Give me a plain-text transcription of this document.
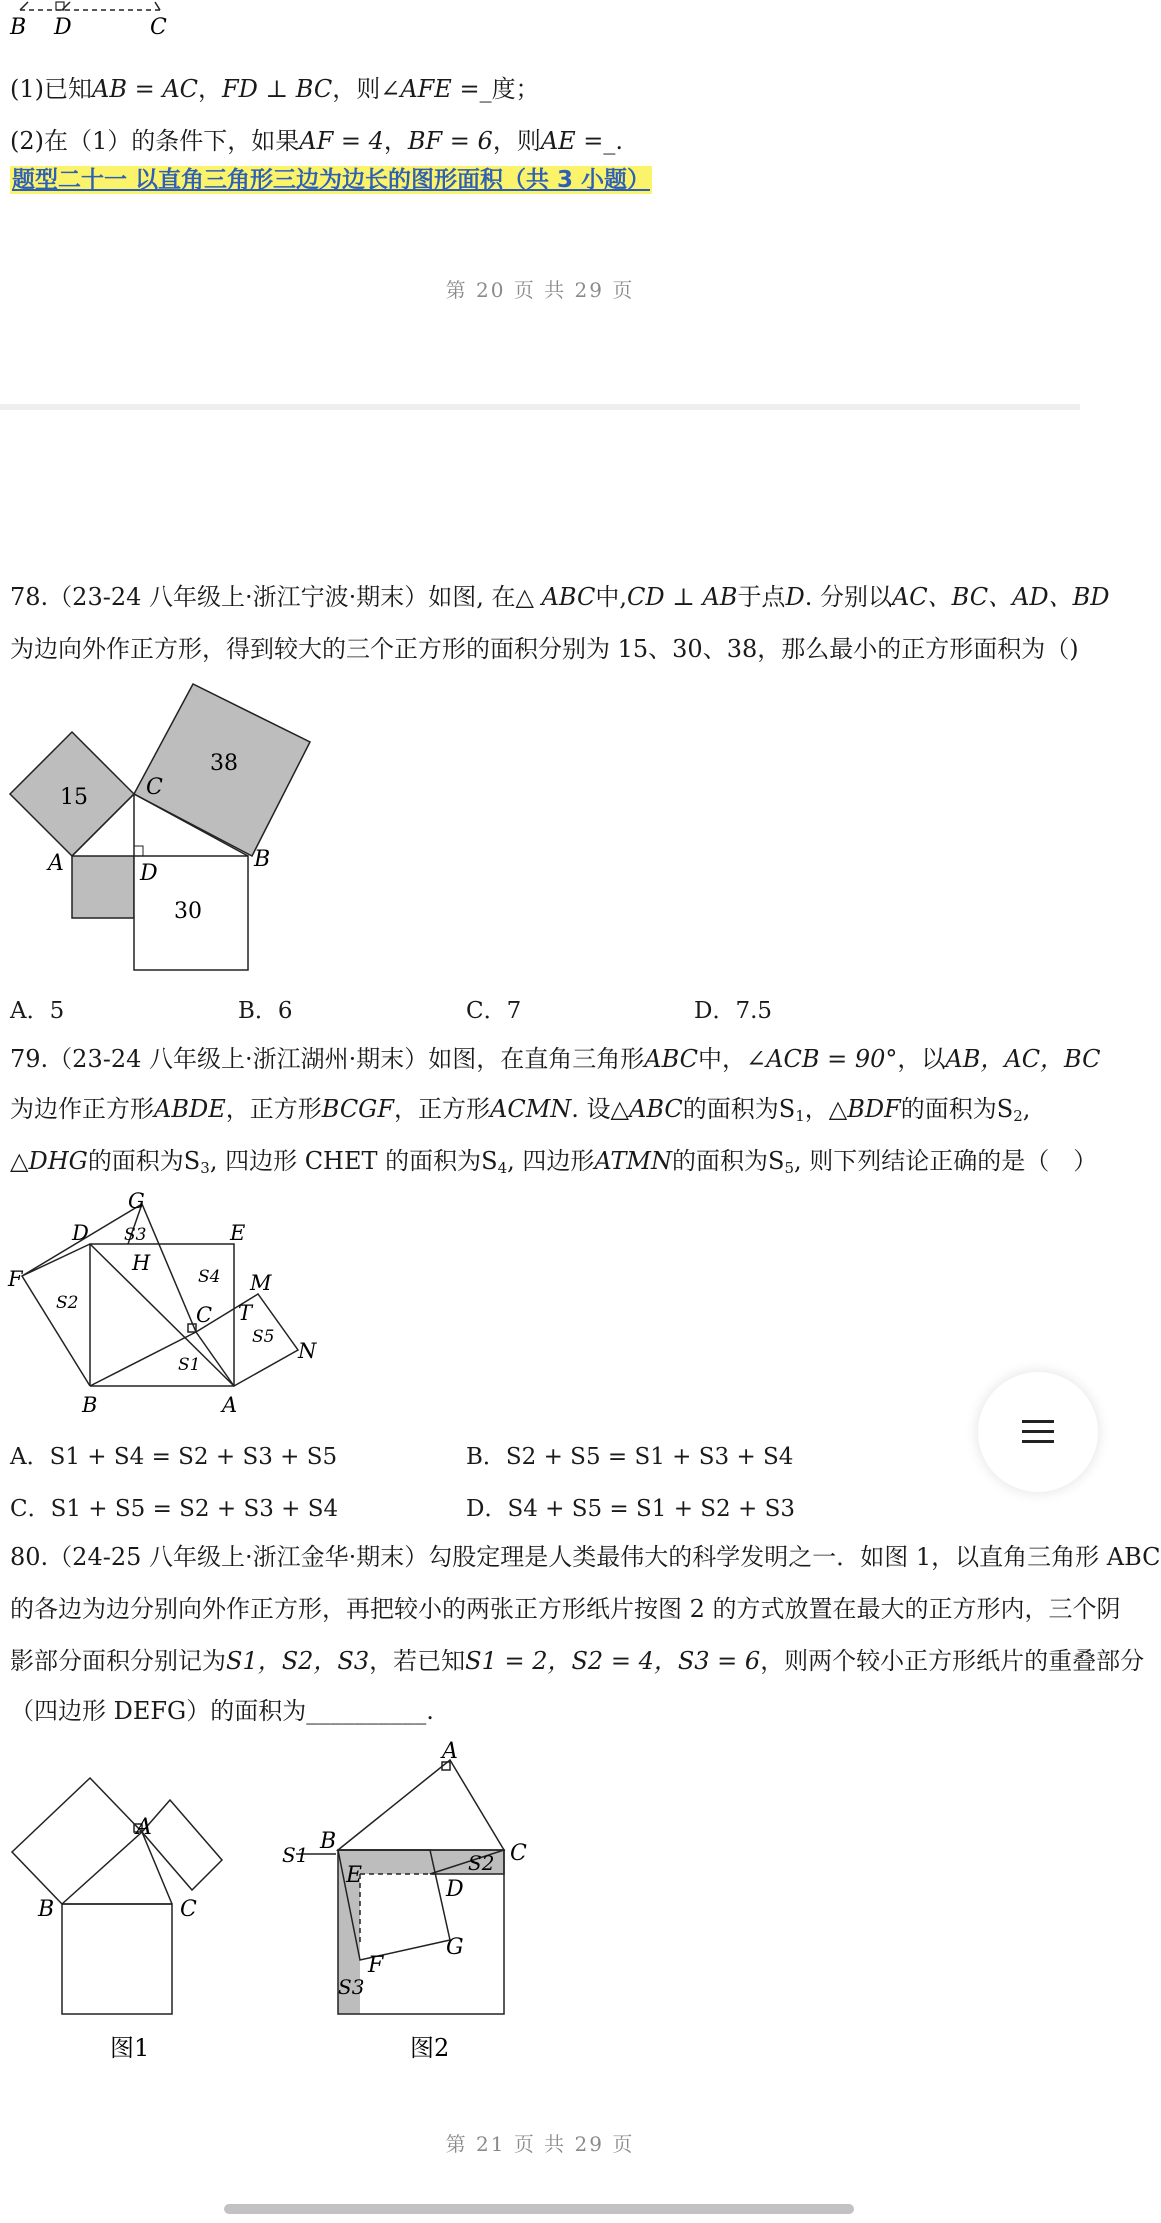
B D	C
(1)已知AB = AC，FD ⊥ BC，则∠AFE =_度；
(2)在（1）的条件下，如果AF = 4，BF = 6，则AE =_.
题型二十一 以直角三角形三边为边长的图形面积（共 3 小题）
第 20 页 共 29 页
78.（23-24 八年级上·浙江宁波·期末）如图, 在△ ABC中,CD ⊥ AB于点D. 分别以AC、BC、AD、BD
为边向外作正方形，得到较大的三个正方形的面积分别为 15、30、38，那么最小的正方形面积为（)
15
38
30
C
A	D
B
A．5	B．6	C．7	D．7.5
79.（23-24 八年级上·浙江湖州·期末）如图，在直角三角形ABC中，∠ACB = 90°，以AB，AC，BC
为边作正方形ABDE，正方形BCGF，正方形ACMN. 设△ABC的面积为$S_1$，△BDF的面积为$S_2$,
△DHG的面积为$S_3$, 四边形 CHET 的面积为$S_4$, 四边形ATMN的面积为$S_5$, 则下列结论正确的是（　）
G
D	E
S3
H
S4
F	M
S2	C T
S5
N
S1
B	A
A．S1 + S4 = S2 + S3 + S5	B．S2 + S5 = S1 + S3 + S4
C．S1 + S5 = S2 + S3 + S4	D．S4 + S5 = S1 + S2 + S3
80.（24-25 八年级上·浙江金华·期末）勾股定理是人类最伟大的科学发明之一．如图 1，以直角三角形 ABC
的各边为边分别向外作正方形，再把较小的两张正方形纸片按图 2 的方式放置在最大的正方形内，三个阴
影部分面积分别记为S1，S2，S3，若已知S1 = 2，S2 = 4，S3 = 6，则两个较小正方形纸片的重叠部分
（四边形 DEFG）的面积为__________.
A
B	C
图1
A
B	C
S1	S2
E
D
G
F
S3
图2
第 21 页 共 29 页
